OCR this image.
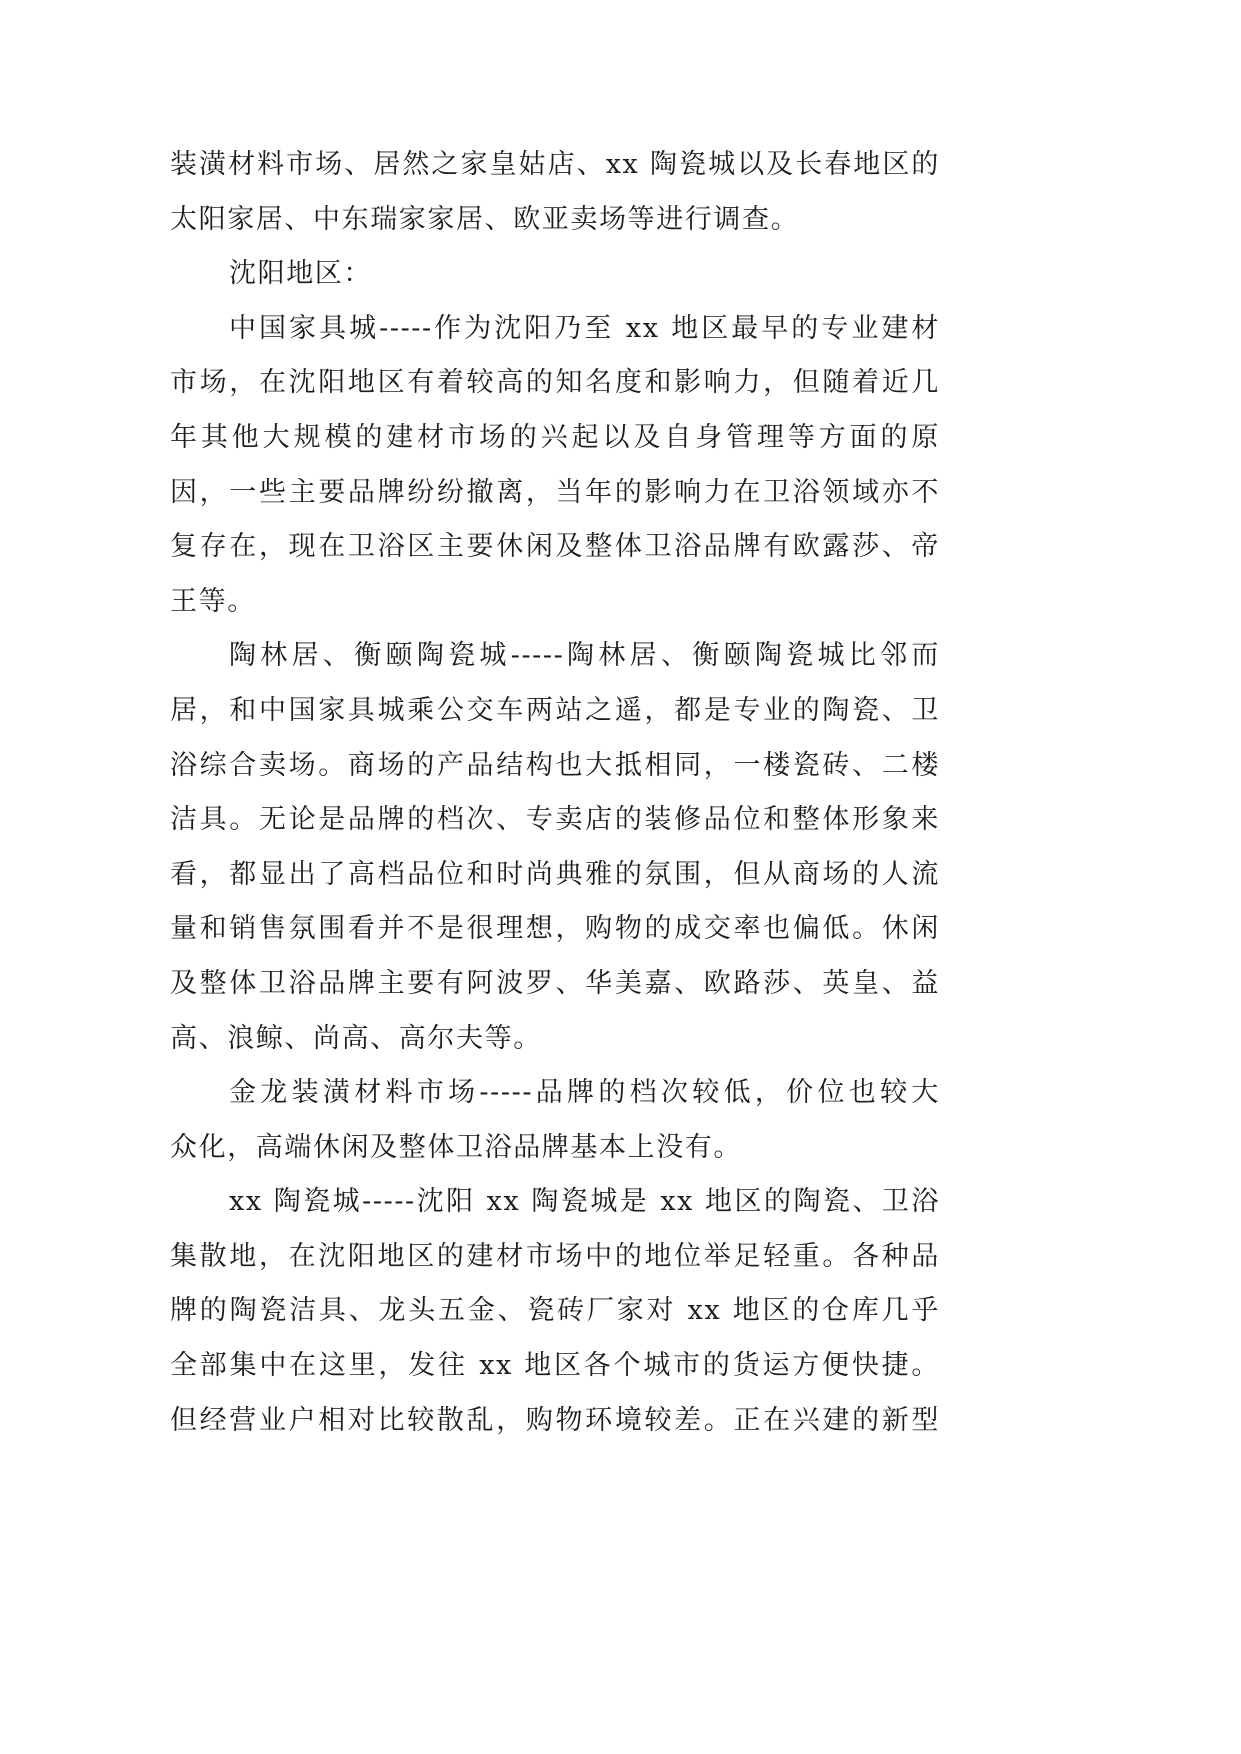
装潢材料市场、居然之家皇姑店、xx 陶瓷城以及长春地区的
太阳家居、中东瑞家家居、欧亚卖场等进行调查。
沈阳地区：
中国家具城-----作为沈阳乃至 xx 地区最早的专业建材
市场，在沈阳地区有着较高的知名度和影响力，但随着近几
年其他大规模的建材市场的兴起以及自身管理等方面的原
因，一些主要品牌纷纷撤离，当年的影响力在卫浴领域亦不
复存在，现在卫浴区主要休闲及整体卫浴品牌有欧露莎、帝
王等。
陶林居、衡颐陶瓷城-----陶林居、衡颐陶瓷城比邻而
居，和中国家具城乘公交车两站之遥，都是专业的陶瓷、卫
浴综合卖场。商场的产品结构也大抵相同，一楼瓷砖、二楼
洁具。无论是品牌的档次、专卖店的装修品位和整体形象来
看，都显出了高档品位和时尚典雅的氛围，但从商场的人流
量和销售氛围看并不是很理想，购物的成交率也偏低。休闲
及整体卫浴品牌主要有阿波罗、华美嘉、欧路莎、英皇、益
高、浪鲸、尚高、高尔夫等。
金龙装潢材料市场-----品牌的档次较低，价位也较大
众化，高端休闲及整体卫浴品牌基本上没有。
xx 陶瓷城-----沈阳 xx 陶瓷城是 xx 地区的陶瓷、卫浴
集散地，在沈阳地区的建材市场中的地位举足轻重。各种品
牌的陶瓷洁具、龙头五金、瓷砖厂家对 xx 地区的仓库几乎
全部集中在这里，发往 xx 地区各个城市的货运方便快捷。
但经营业户相对比较散乱，购物环境较差。正在兴建的新型
